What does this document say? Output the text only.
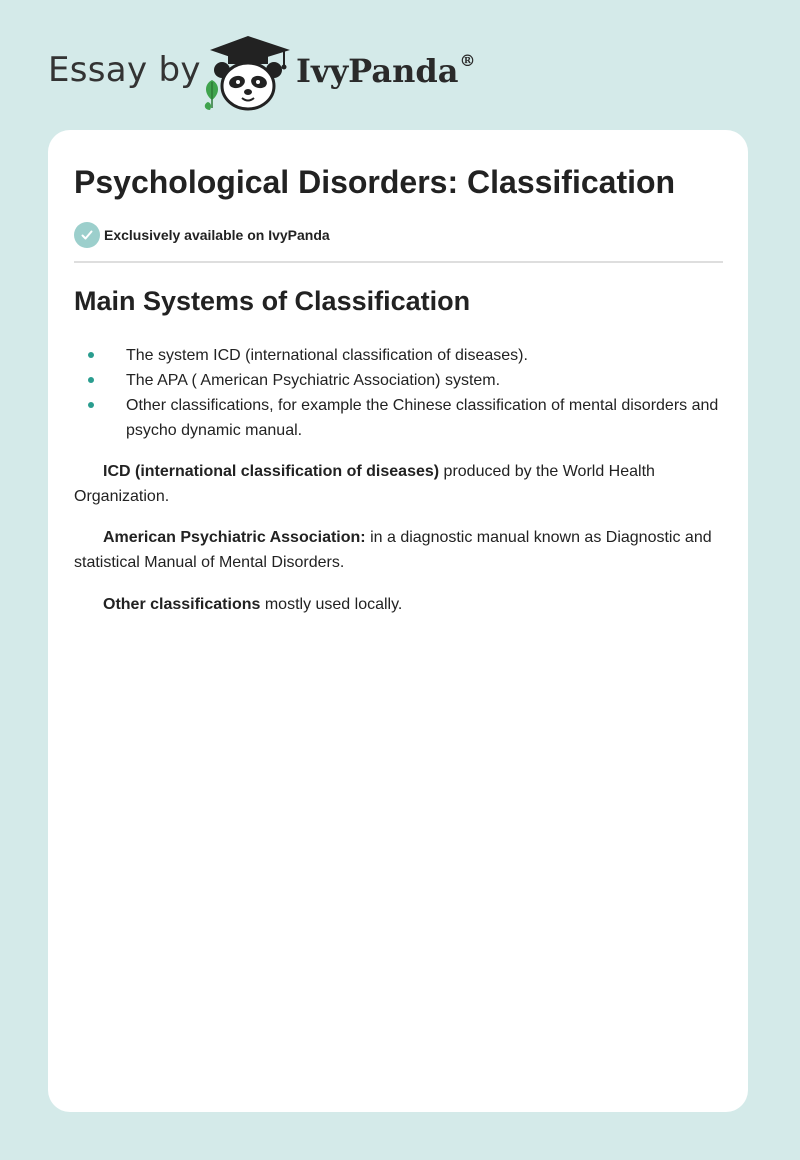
Essay by	IvyPanda®
Psychological Disorders: Classification
Exclusively available on IvyPanda
Main Systems of Classification
The system ICD (international classification of diseases).
The APA ( American Psychiatric Association) system.
Other classifications, for example the Chinese classification of mental disorders and psycho dynamic manual.

ICD (international classification of diseases) produced by the World Health Organization.

American Psychiatric Association: in a diagnostic manual known as Diagnostic and statistical Manual of Mental Disorders.

Other classifications mostly used locally.
